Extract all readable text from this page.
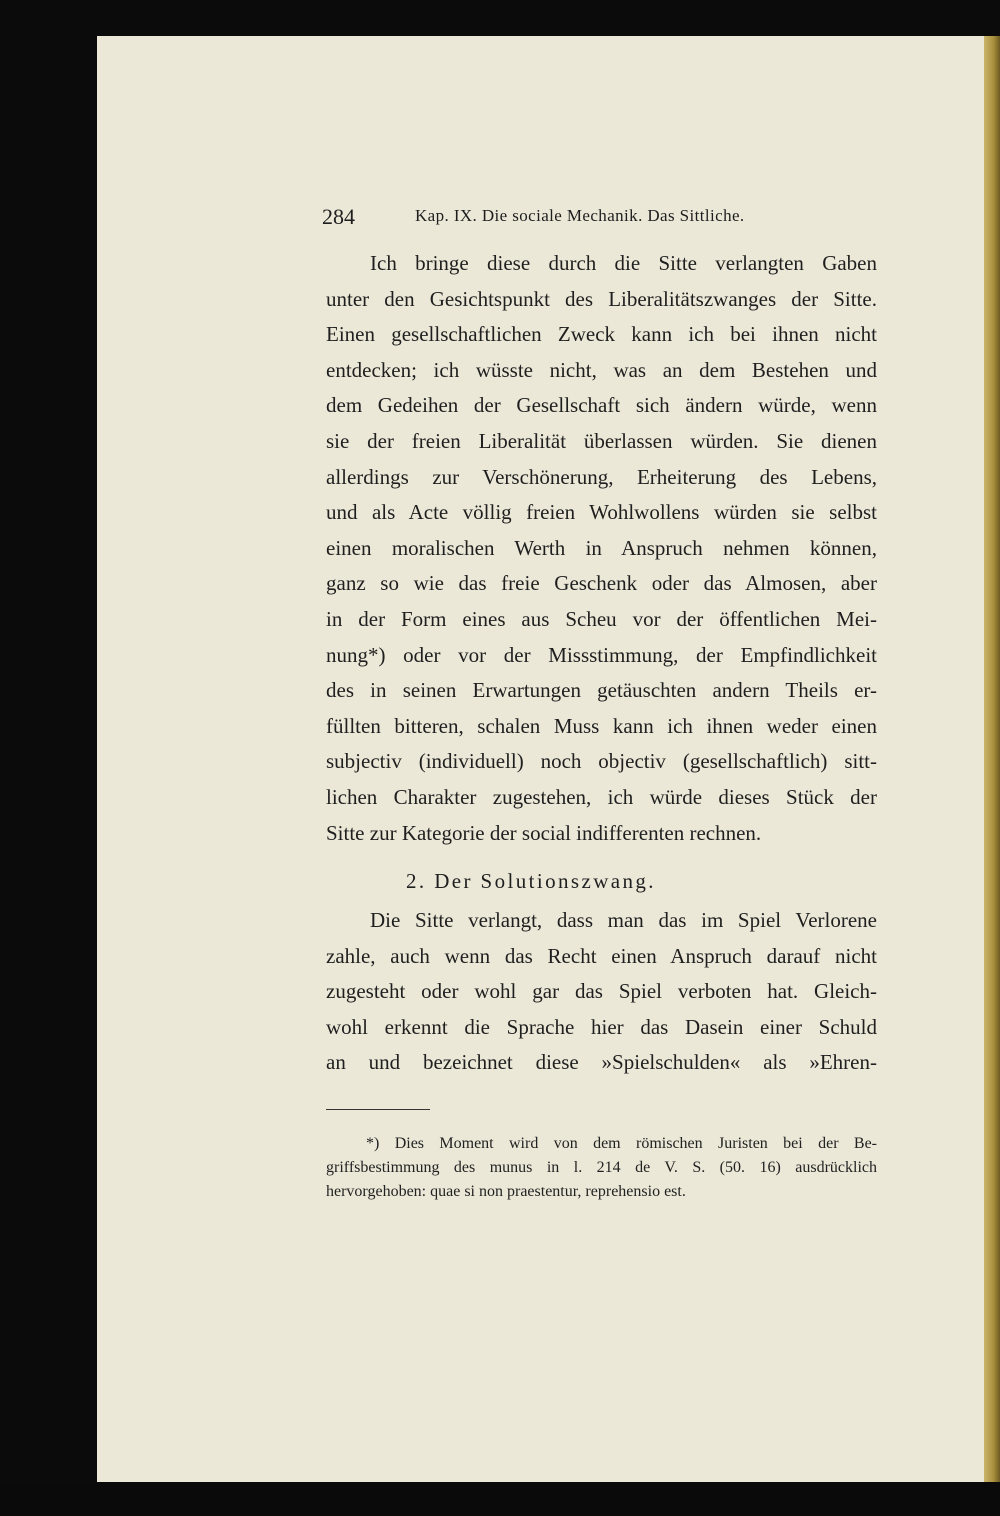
284	Kap. IX. Die sociale Mechanik. Das Sittliche.
Ich bringe diese durch die Sitte verlangten Gaben
unter den Gesichtspunkt des Liberalitätszwanges der Sitte.
Einen gesellschaftlichen Zweck kann ich bei ihnen nicht
entdecken; ich wüsste nicht, was an dem Bestehen und
dem Gedeihen der Gesellschaft sich ändern würde, wenn
sie der freien Liberalität überlassen würden. Sie dienen
allerdings zur Verschönerung, Erheiterung des Lebens,
und als Acte völlig freien Wohlwollens würden sie selbst
einen moralischen Werth in Anspruch nehmen können,
ganz so wie das freie Geschenk oder das Almosen, aber
in der Form eines aus Scheu vor der öffentlichen Mei-
nung*) oder vor der Missstimmung, der Empfindlichkeit
des in seinen Erwartungen getäuschten andern Theils er-
füllten bitteren, schalen Muss kann ich ihnen weder einen
subjectiv (individuell) noch objectiv (gesellschaftlich) sitt-
lichen Charakter zugestehen, ich würde dieses Stück der
Sitte zur Kategorie der social indifferenten rechnen.
2. Der Solutionszwang.
Die Sitte verlangt, dass man das im Spiel Verlorene
zahle, auch wenn das Recht einen Anspruch darauf nicht
zugesteht oder wohl gar das Spiel verboten hat. Gleich-
wohl erkennt die Sprache hier das Dasein einer Schuld
an und bezeichnet diese »Spielschulden« als »Ehren-
*) Dies Moment wird von dem römischen Juristen bei der Be-
griffsbestimmung des munus in l. 214 de V. S. (50. 16) ausdrücklich
hervorgehoben: quae si non praestentur, reprehensio est.
